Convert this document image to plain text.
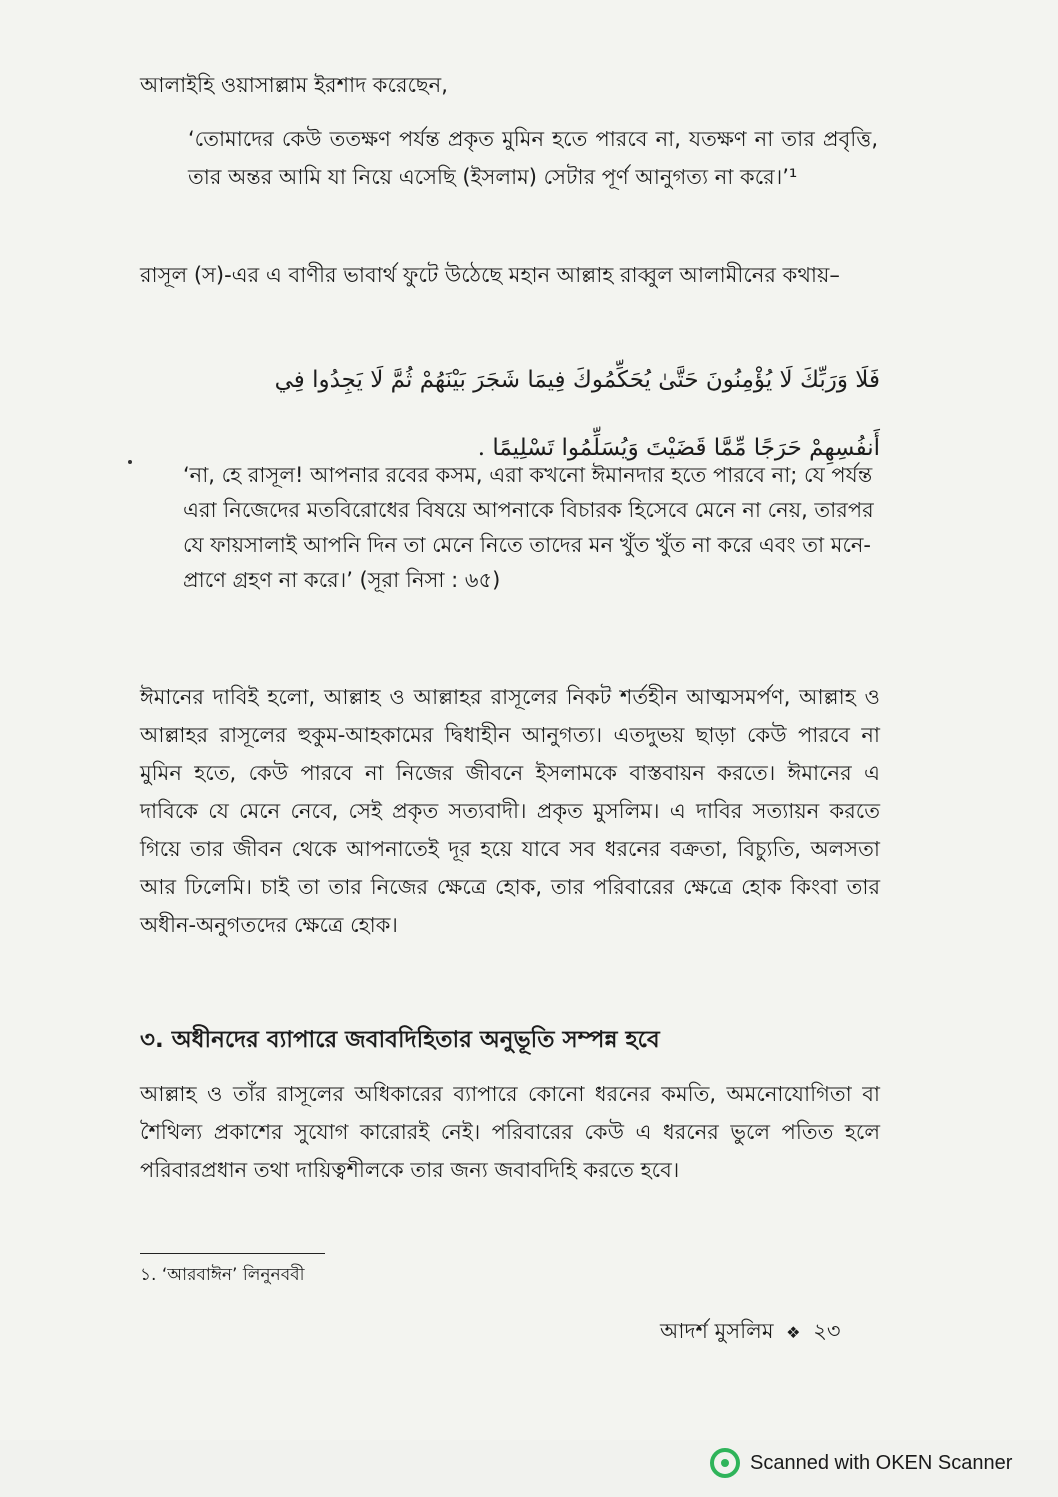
আলাইহি ওয়াসাল্লাম ইরশাদ করেছেন,

‘তোমাদের কেউ ততক্ষণ পর্যন্ত প্রকৃত মুমিন হতে পারবে না, যতক্ষণ না তার প্রবৃত্তি, তার অন্তর আমি যা নিয়ে এসেছি (ইসলাম) সেটার পূর্ণ আনুগত্য না করে।’¹

রাসূল (স)-এর এ বাণীর ভাবার্থ ফুটে উঠেছে মহান আল্লাহ রাব্বুল আলামীনের কথায়–

فَلَا وَرَبِّكَ لَا يُؤْمِنُونَ حَتَّىٰ يُحَكِّمُوكَ فِيمَا شَجَرَ بَيْنَهُمْ ثُمَّ لَا يَجِدُوا فِي

أَنفُسِهِمْ حَرَجًا مِّمَّا قَضَيْتَ وَيُسَلِّمُوا تَسْلِيمًا .

‘না, হে রাসূল! আপনার রবের কসম, এরা কখনো ঈমানদার হতে পারবে না; যে পর্যন্ত এরা নিজেদের মতবিরোধের বিষয়ে আপনাকে বিচারক হিসেবে মেনে না নেয়, তারপর যে ফায়সালাই আপনি দিন তা মেনে নিতে তাদের মন খুঁত খুঁত না করে এবং তা মনে-প্রাণে গ্রহণ না করে।’ (সূরা নিসা : ৬৫)

ঈমানের দাবিই হলো, আল্লাহ ও আল্লাহর রাসূলের নিকট শর্তহীন আত্মসমর্পণ, আল্লাহ ও আল্লাহর রাসূলের হুকুম-আহকামের দ্বিধাহীন আনুগত্য। এতদুভয় ছাড়া কেউ পারবে না মুমিন হতে, কেউ পারবে না নিজের জীবনে ইসলামকে বাস্তবায়ন করতে। ঈমানের এ দাবিকে যে মেনে নেবে, সেই প্রকৃত সত্যবাদী। প্রকৃত মুসলিম। এ দাবির সত্যায়ন করতে গিয়ে তার জীবন থেকে আপনাতেই দূর হয়ে যাবে সব ধরনের বক্রতা, বিচ্যুতি, অলসতা আর ঢিলেমি। চাই তা তার নিজের ক্ষেত্রে হোক, তার পরিবারের ক্ষেত্রে হোক কিংবা তার অধীন-অনুগতদের ক্ষেত্রে হোক।

৩. অধীনদের ব্যাপারে জবাবদিহিতার অনুভূতি সম্পন্ন হবে

আল্লাহ ও তাঁর রাসূলের অধিকারের ব্যাপারে কোনো ধরনের কমতি, অমনোযোগিতা বা শৈথিল্য প্রকাশের সুযোগ কারোরই নেই। পরিবারের কেউ এ ধরনের ভুলে পতিত হলে পরিবারপ্রধান তথা দায়িত্বশীলকে তার জন্য জবাবদিহি করতে হবে।

১. ‘আরবাঈন’ লিনুনববী

আদর্শ মুসলিম ❖ ২৩

Scanned with OKEN Scanner
